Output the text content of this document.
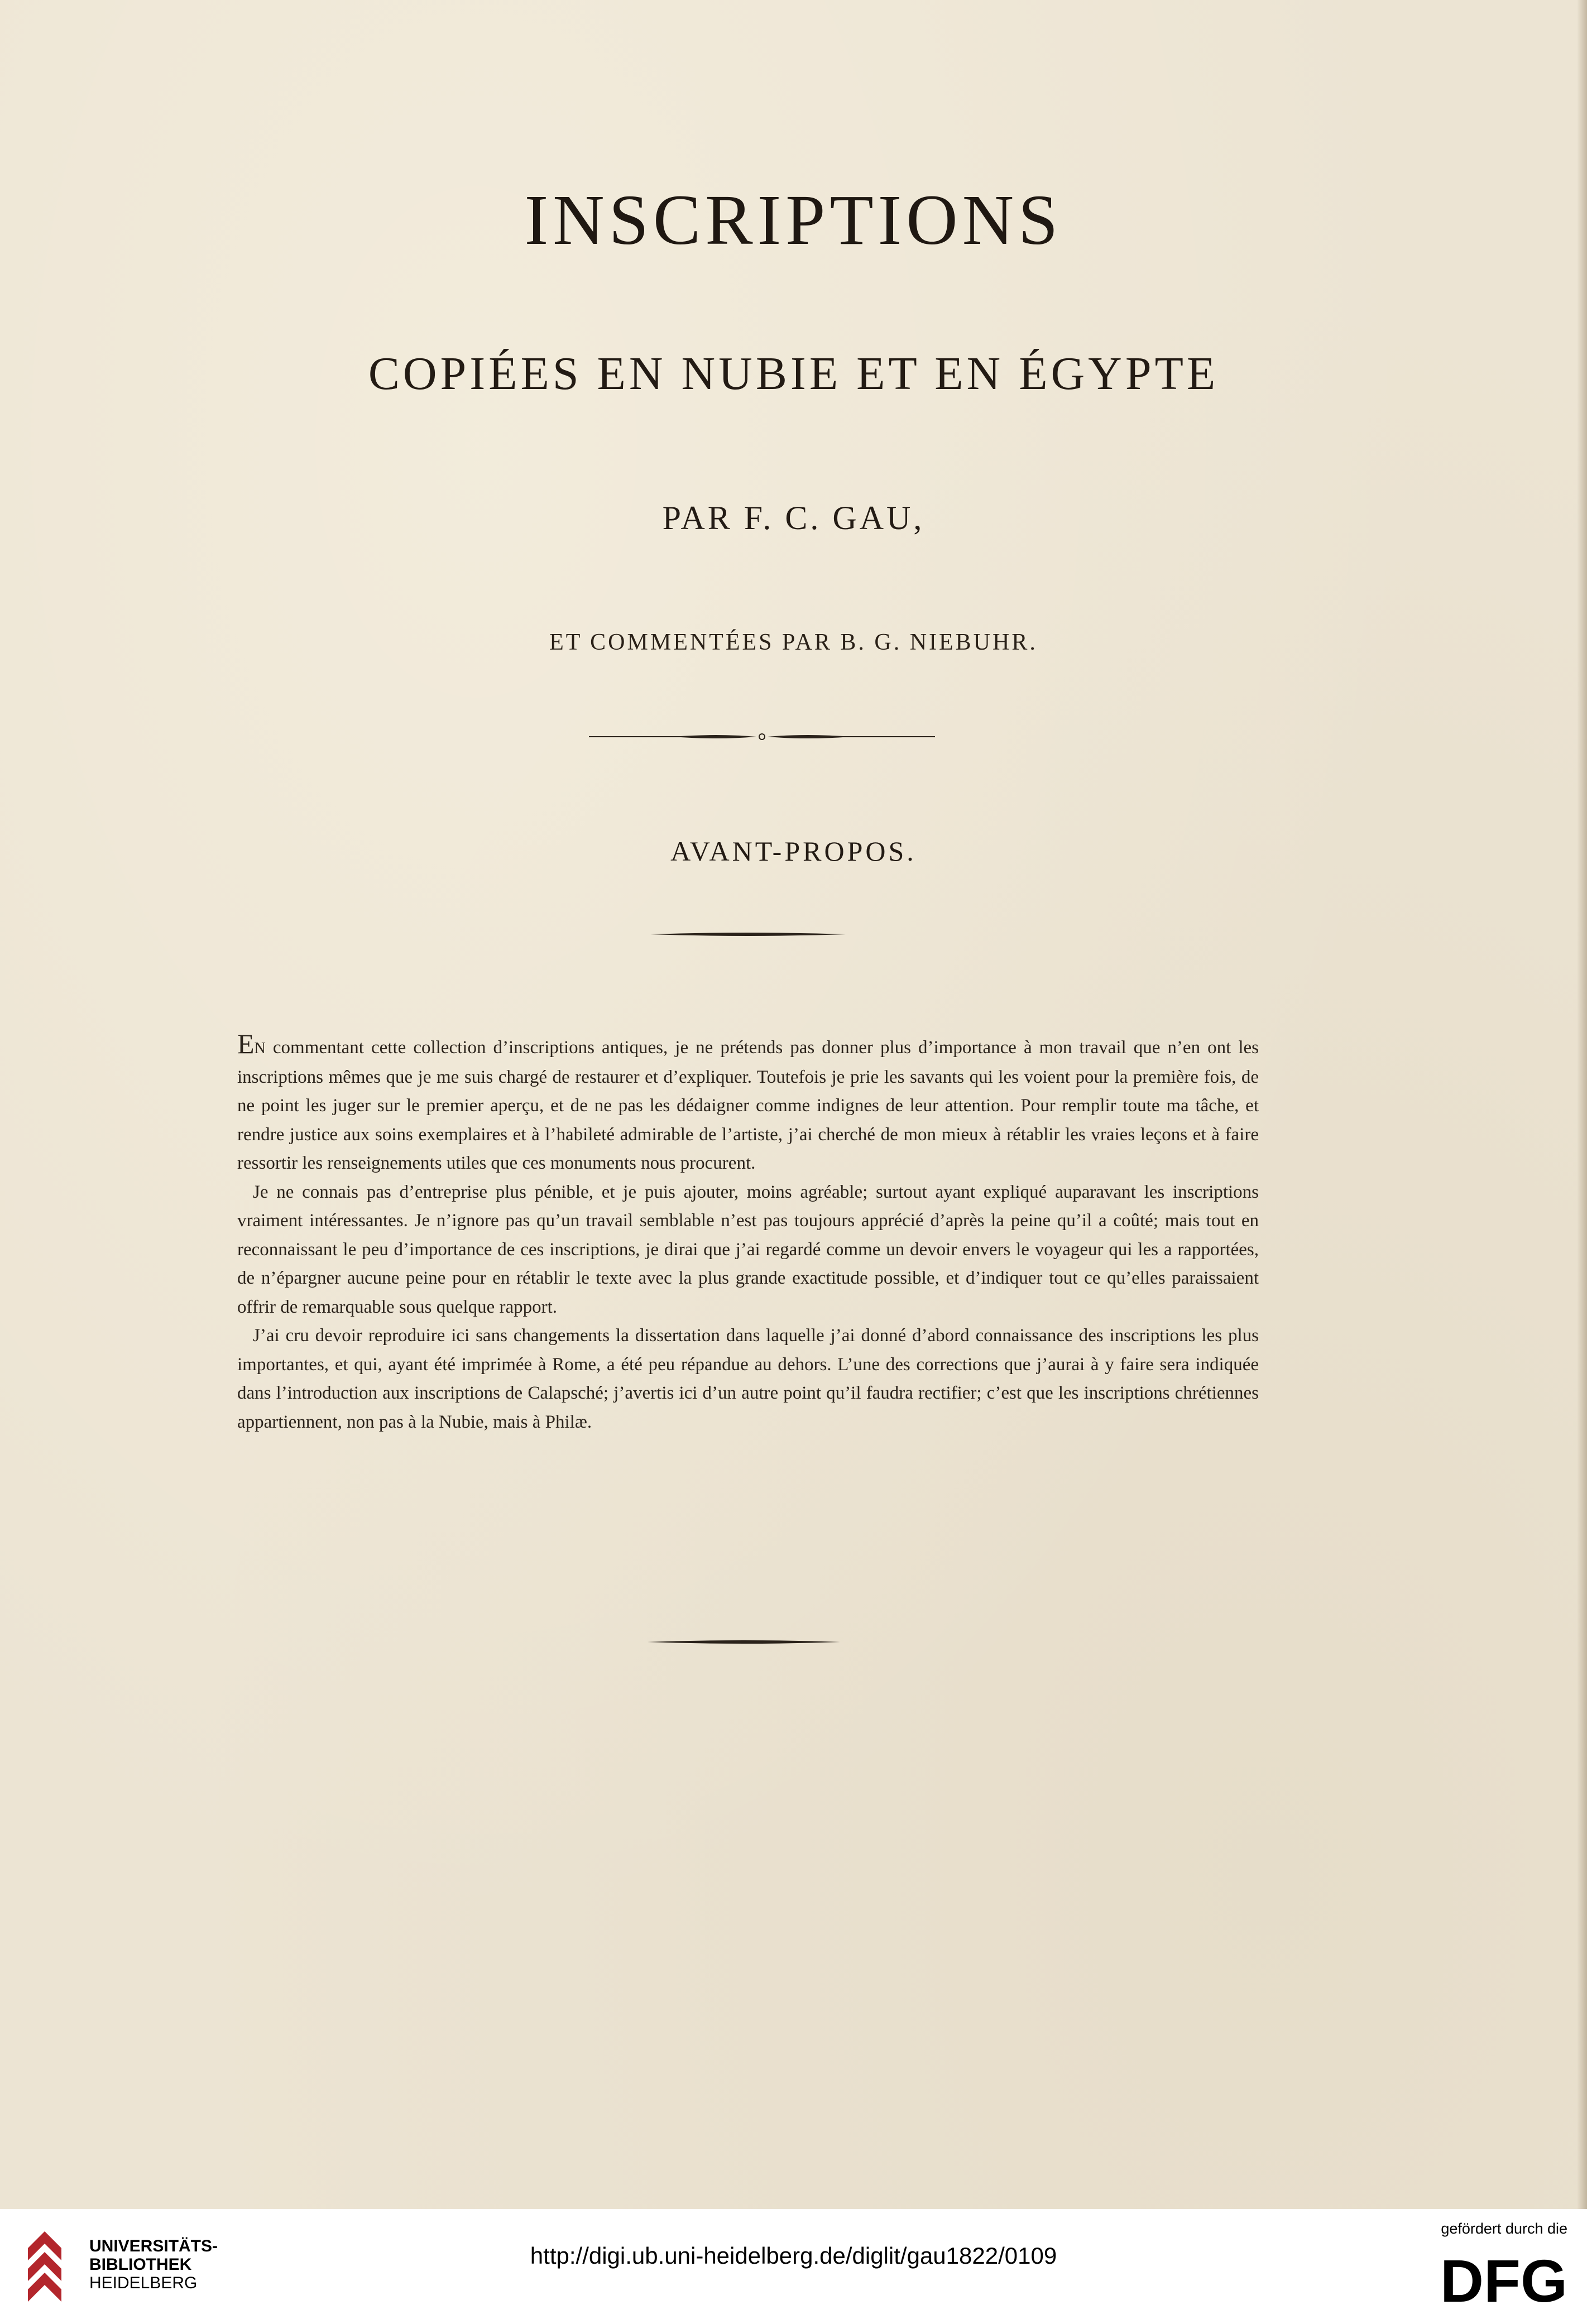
INSCRIPTIONS
COPIÉES EN NUBIE ET EN ÉGYPTE
PAR F. C. GAU,
ET COMMENTÉES PAR B. G. NIEBUHR.
AVANT-PROPOS.

EN commentant cette collection d’inscriptions antiques, je ne prétends pas donner plus d’importance à mon travail que n’en ont les inscriptions mêmes que je me suis chargé de restaurer et d’expliquer. Toutefois je prie les savants qui les voient pour la première fois, de ne point les juger sur le premier aperçu, et de ne pas les dédaigner comme indignes de leur attention. Pour remplir toute ma tâche, et rendre justice aux soins exemplaires et à l’habileté admirable de l’artiste, j’ai cherché de mon mieux à rétablir les vraies leçons et à faire ressortir les renseignements utiles que ces monuments nous procurent.

Je ne connais pas d’entreprise plus pénible, et je puis ajouter, moins agréable; surtout ayant expliqué auparavant les inscriptions vraiment intéressantes. Je n’ignore pas qu’un travail semblable n’est pas toujours apprécié d’après la peine qu’il a coûté; mais tout en reconnaissant le peu d’importance de ces inscriptions, je dirai que j’ai regardé comme un devoir envers le voyageur qui les a rapportées, de n’épargner aucune peine pour en rétablir le texte avec la plus grande exactitude possible, et d’indiquer tout ce qu’elles paraissaient offrir de remarquable sous quelque rapport.

J’ai cru devoir reproduire ici sans changements la dissertation dans laquelle j’ai donné d’abord connaissance des inscriptions les plus importantes, et qui, ayant été imprimée à Rome, a été peu répandue au dehors. L’une des corrections que j’aurai à y faire sera indiquée dans l’introduction aux inscriptions de Calapsché; j’avertis ici d’un autre point qu’il faudra rectifier; c’est que les inscriptions chrétiennes appartiennent, non pas à la Nubie, mais à Philæ.

UNIVERSITÄTS-
BIBLIOTHEK
HEIDELBERG
http://digi.ub.uni-heidelberg.de/diglit/gau1822/0109
gefördert durch die
DFG
